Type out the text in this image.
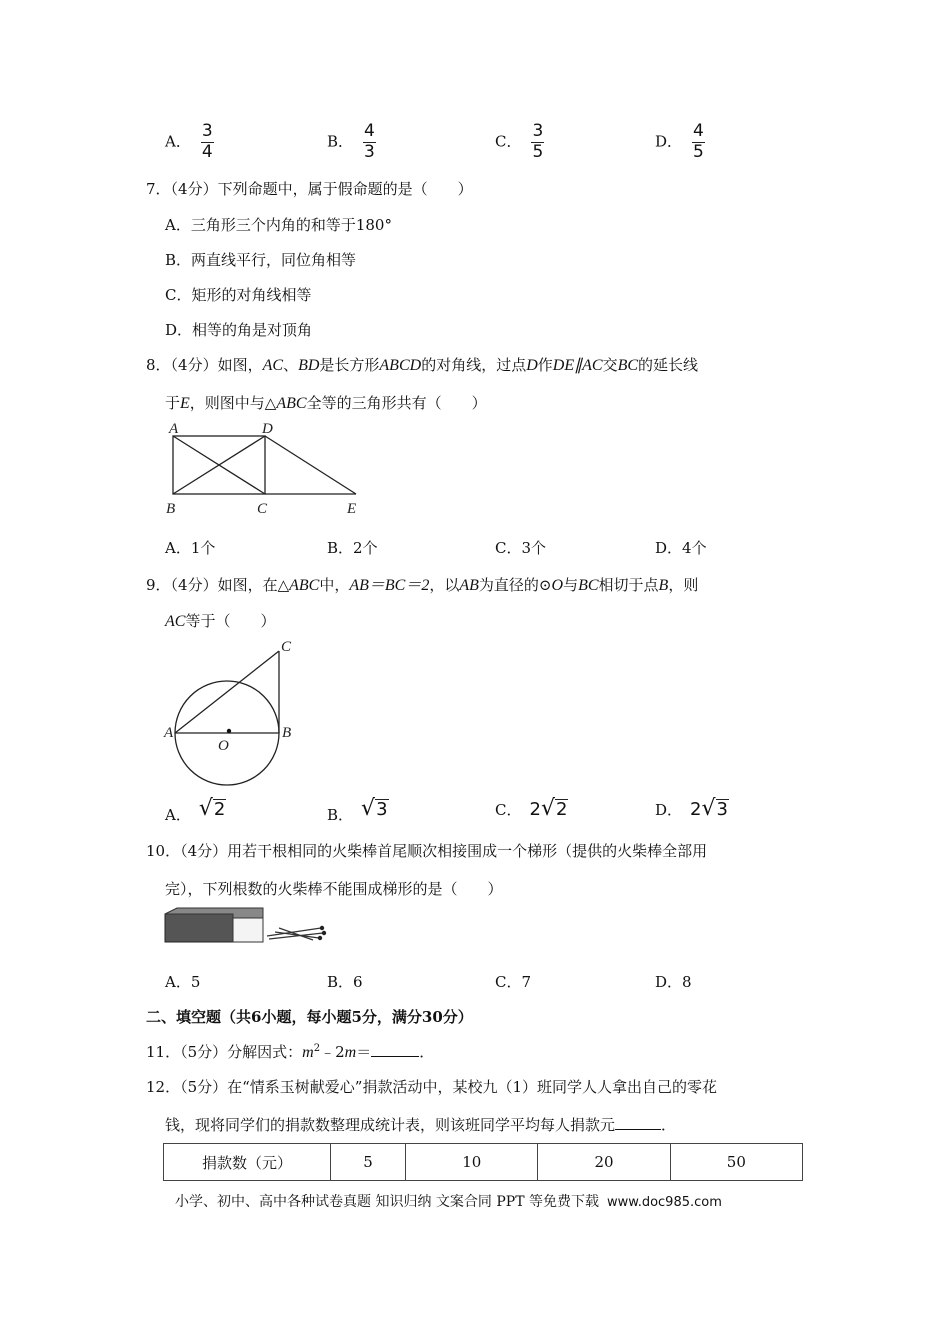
A． $\frac{3}{4}$	B． $\frac{4}{3}$	C． $\frac{3}{5}$	D． $\frac{4}{5}$
7．（4分）下列命题中，属于假命题的是（　　）
A．三角形三个内角的和等于180°
B．两直线平行，同位角相等
C．矩形的对角线相等
D．相等的角是对顶角
8．（4分）如图，AC、BD是长方形ABCD的对角线，过点D作DE∥AC交BC的延长线
于E，则图中与△ABC全等的三角形共有（　　）
A	D
B	C	E
A．1个	B．2个	C．3个	D．4个
9．（4分）如图，在△ABC中，AB＝BC＝2，以AB为直径的⊙O与BC相切于点B，则
AC等于（　　）
C
A	B
O
A． √ 2	B． √ 3	C． 2 √ 2	D． 2 √ 3
10．（4分）用若干根相同的火柴棒首尾顺次相接围成一个梯形（提供的火柴棒全部用
完），下列根数的火柴棒不能围成梯形的是（　　）
A．5	B．6	C．7	D．8
二、填空题（共6小题，每小题5分，满分30分）
11．（5分）分解因式：$m^2﹣2m=$	．
12．（5分）在“情系玉树献爱心”捐款活动中，某校九（1）班同学人人拿出自己的零花
钱，现将同学们的捐款数整理成统计表，则该班同学平均每人捐款元	．
捐款数（元）	5	10	20	50
小学、初中、高中各种试卷真题 知识归纳 文案合同 PPT 等免费下载 www.doc985.com
